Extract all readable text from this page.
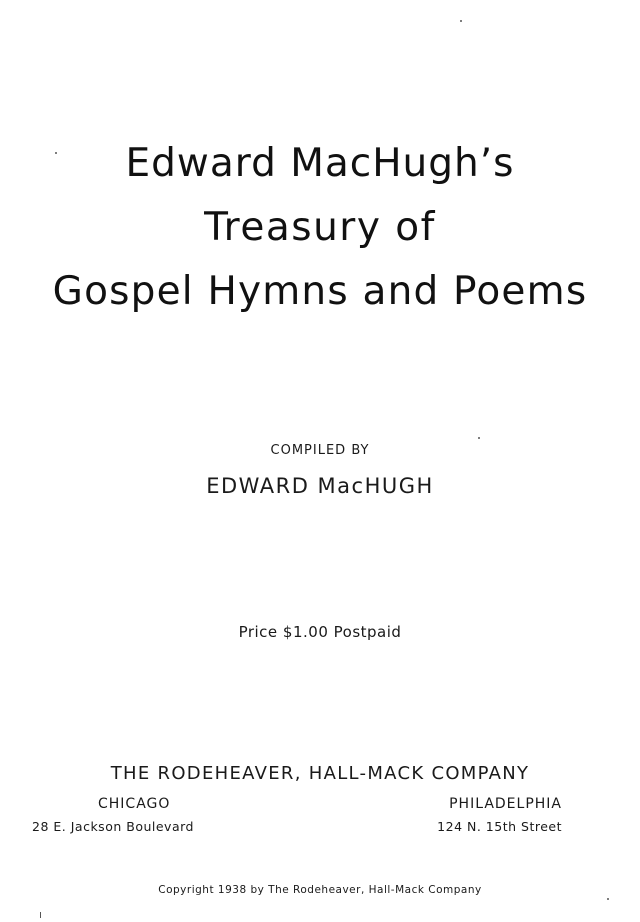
Edward MacHugh’s
Treasury of
Gospel Hymns and Poems
COMPILED BY
EDWARD MacHUGH
Price $1.00 Postpaid
THE RODEHEAVER, HALL-MACK COMPANY
CHICAGO
28 E. Jackson Boulevard
PHILADELPHIA
124 N. 15th Street
Copyright 1938 by The Rodeheaver, Hall-Mack Company
